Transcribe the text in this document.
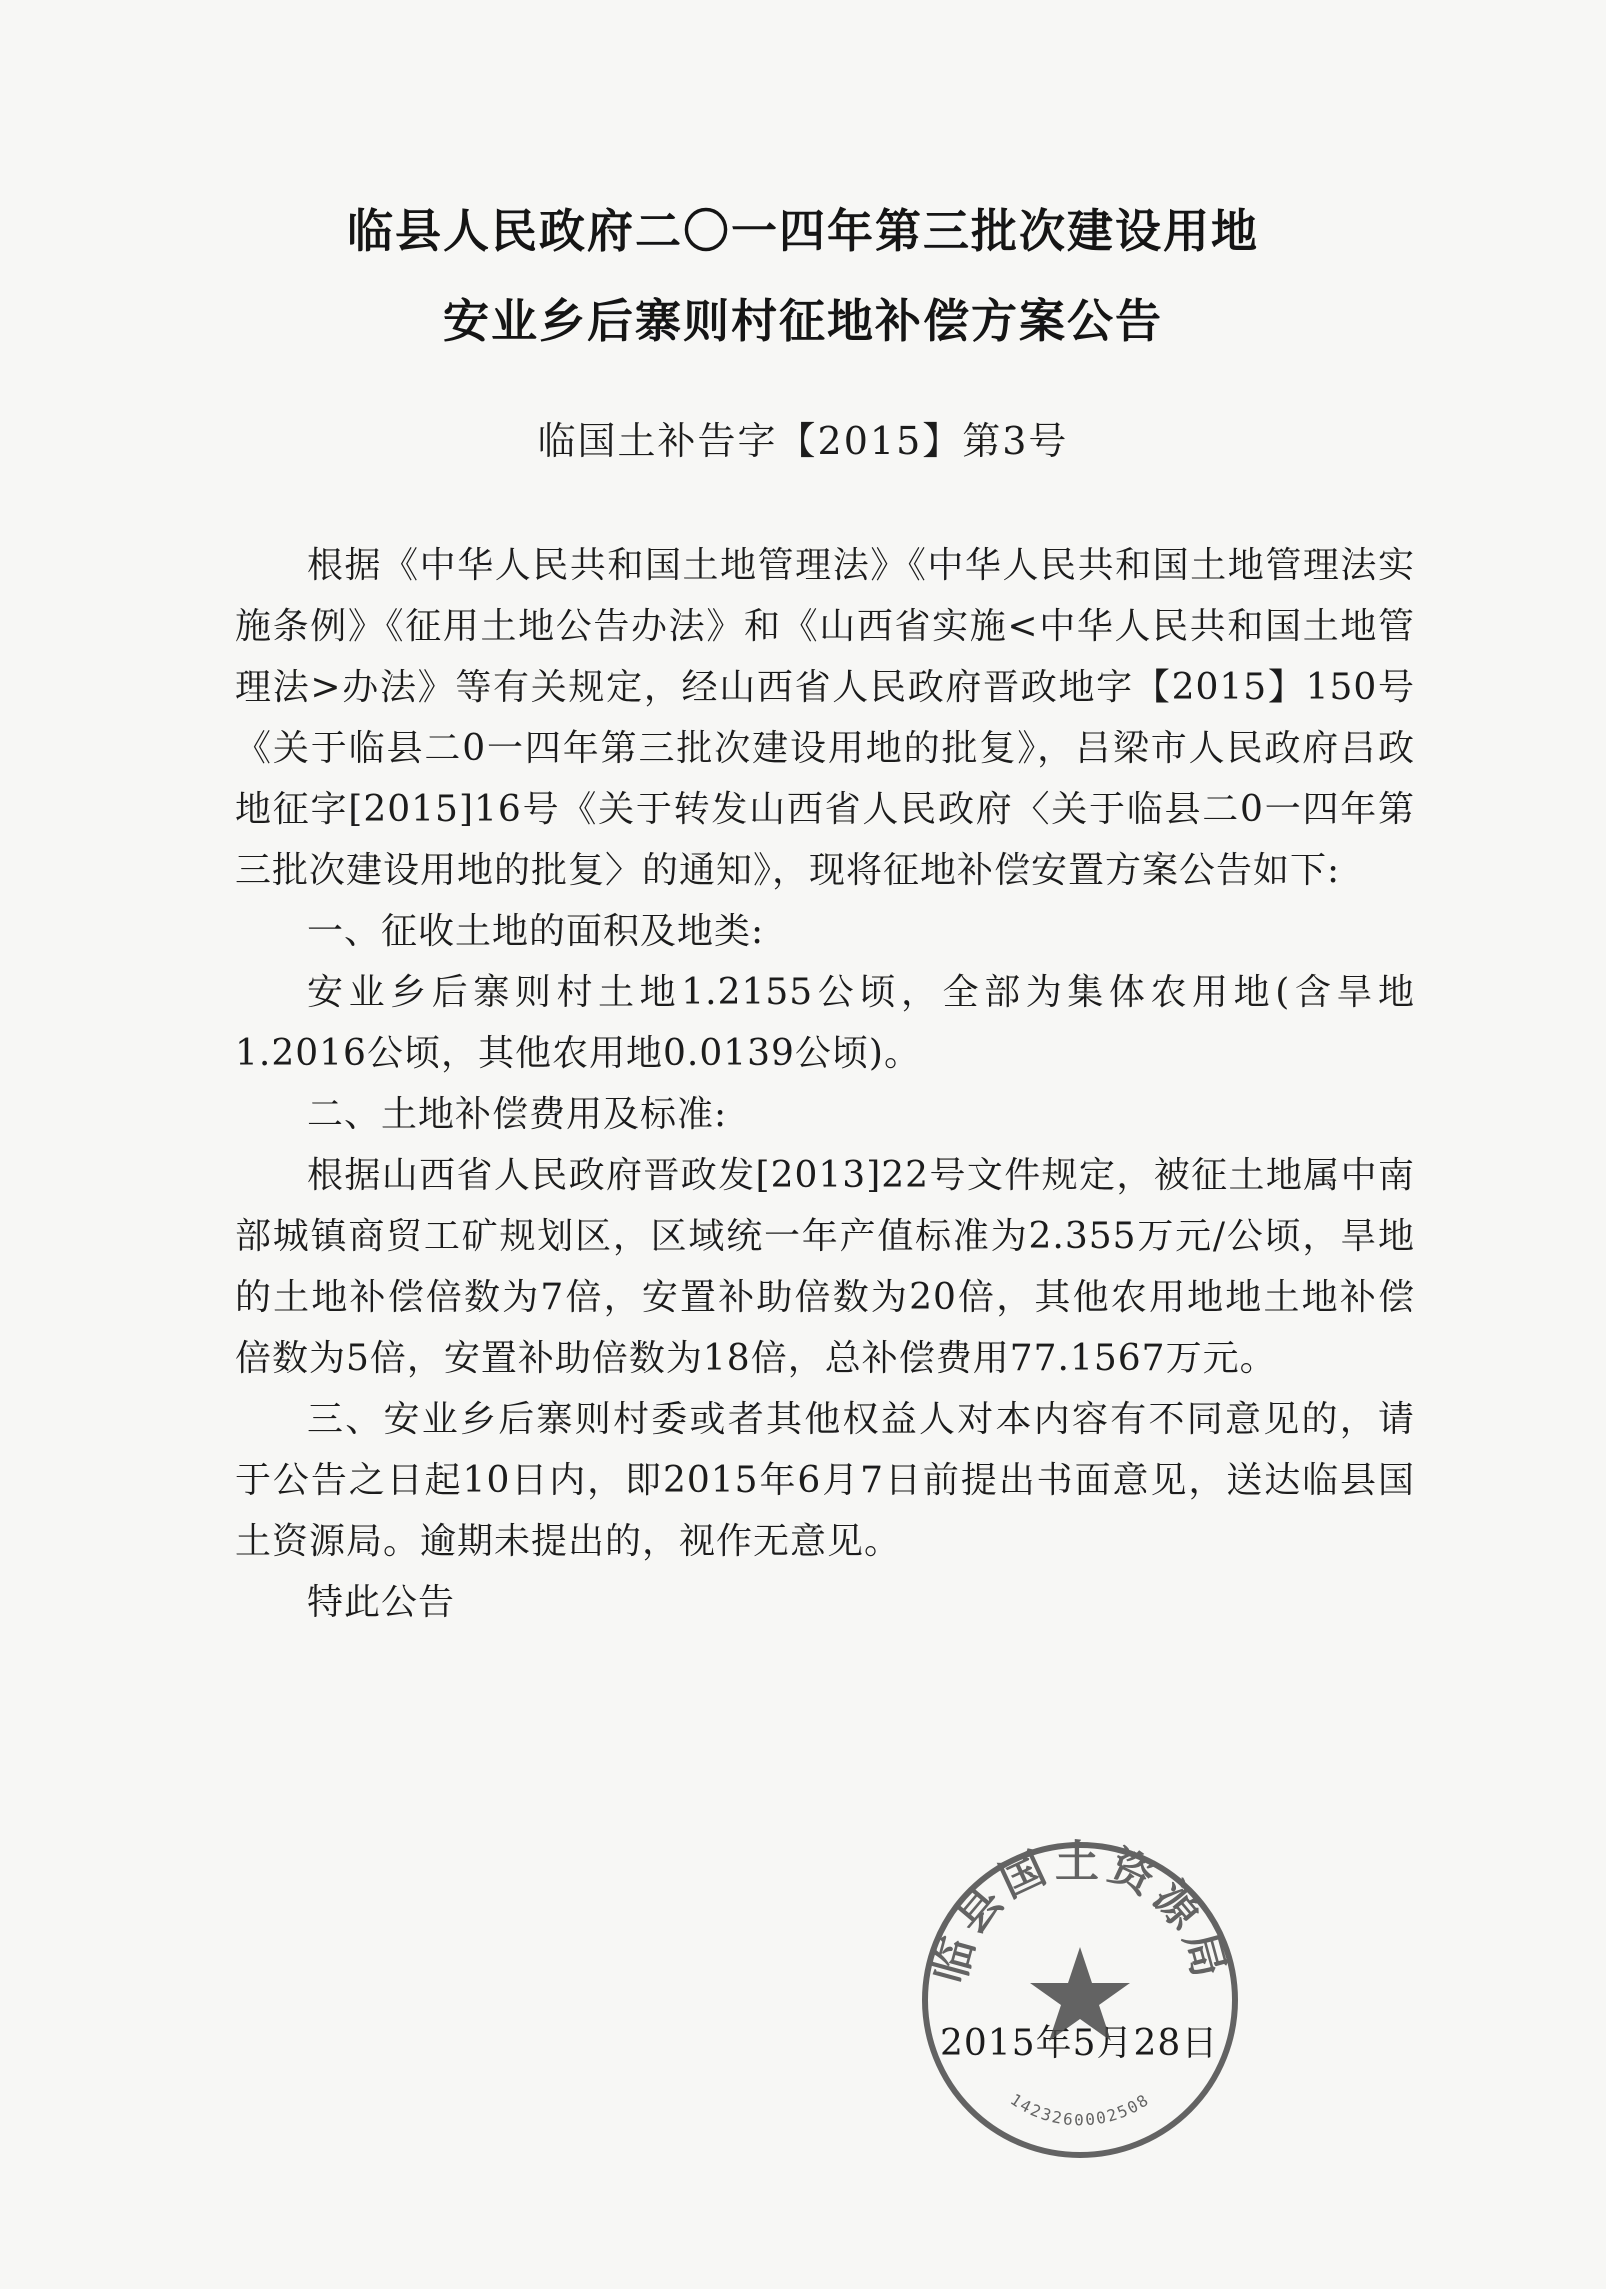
临县人民政府二〇一四年第三批次建设用地
安业乡后寨则村征地补偿方案公告
临国土补告字【2015】第3号

根据《中华人民共和国土地管理法》《中华人民共和国土地管理法实施条例》《征用土地公告办法》和《山西省实施<中华人民共和国土地管理法>办法》等有关规定，经山西省人民政府晋政地字【2015】150号《关于临县二0一四年第三批次建设用地的批复》，吕梁市人民政府吕政地征字[2015]16号《关于转发山西省人民政府〈关于临县二0一四年第三批次建设用地的批复〉的通知》，现将征地补偿安置方案公告如下:

一、征收土地的面积及地类:

安业乡后寨则村土地1.2155公顷，全部为集体农用地(含旱地1.2016公顷，其他农用地0.0139公顷)。

二、土地补偿费用及标准:

根据山西省人民政府晋政发[2013]22号文件规定，被征土地属中南部城镇商贸工矿规划区，区域统一年产值标准为2.355万元/公顷，旱地的土地补偿倍数为7倍，安置补助倍数为20倍，其他农用地地土地补偿倍数为5倍，安置补助倍数为18倍，总补偿费用77.1567万元。

三、安业乡后寨则村委或者其他权益人对本内容有不同意见的，请于公告之日起10日内，即2015年6月7日前提出书面意见，送达临县国土资源局。逾期未提出的，视作无意见。

特此公告

2015年5月28日
临县国土资源局
1423260002508
